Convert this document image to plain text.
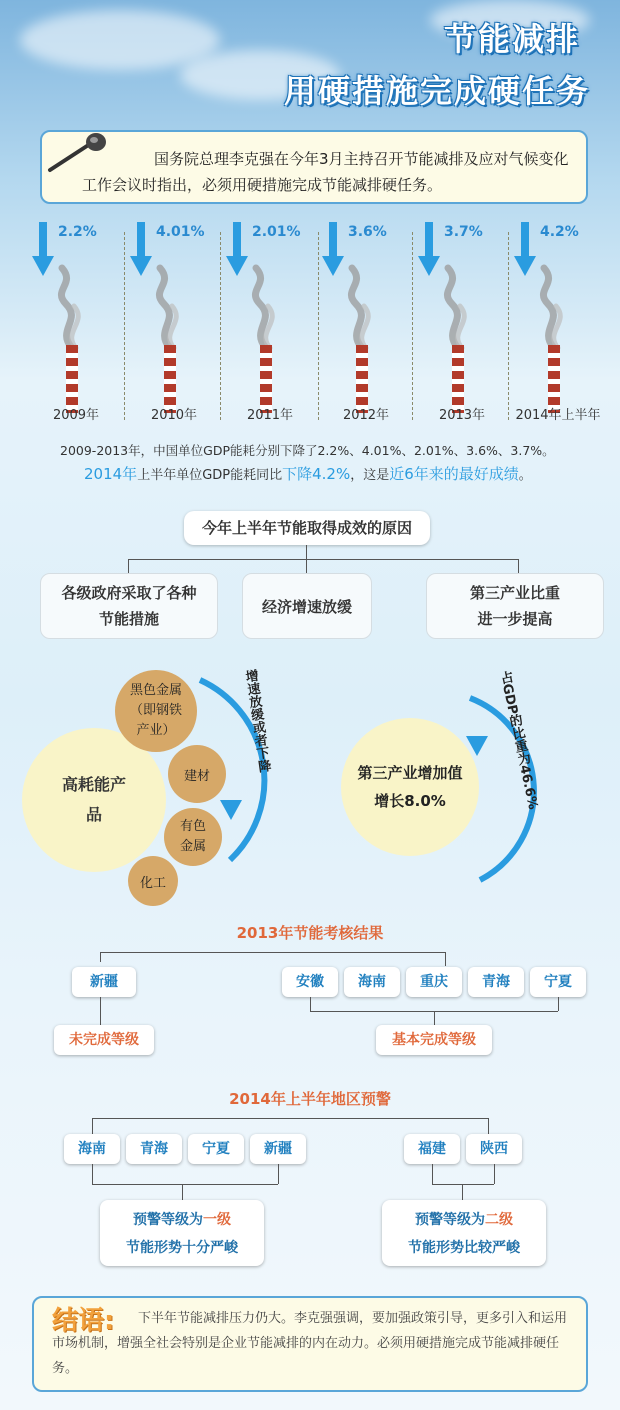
节能减排
用硬措施完成硬任务
国务院总理李克强在今年3月主持召开节能减排及应对气候变化工作会议时指出，必须用硬措施完成节能减排硬任务。
2.2%
2009年
4.01%
2010年
2.01%
2011年
3.6%
2012年
3.7%
2013年
4.2%
2014年上半年
2009-2013年，中国单位GDP能耗分别下降了2.2%、4.01%、2.01%、3.6%、3.7%。
2014年上半年单位GDP能耗同比下降4.2%，这是近6年来的最好成绩。
今年上半年节能取得成效的原因
各级政府采取了各种节能措施
经济增速放缓
第三产业比重进一步提高
高耗能产品
黑色金属（即钢铁产业）
建材
有色金属
化工
增速放缓或者下降	第三产业增加值
增长8.0%	占GDP的比重为46.6%
2013年节能考核结果
新疆	安徽	海南	重庆	青海	宁夏
未完成等级	基本完成等级
2014年上半年地区预警
海南	青海	宁夏	新疆	福建	陕西
预警等级为一级
节能形势十分严峻
预警等级为二级
节能形势比较严峻
结语:	下半年节能减排压力仍大。李克强强调，要加强政策引导，更多引入和运用市场机制，增强全社会特别是企业节能减排的内在动力。必须用硬措施完成节能减排硬任务。
